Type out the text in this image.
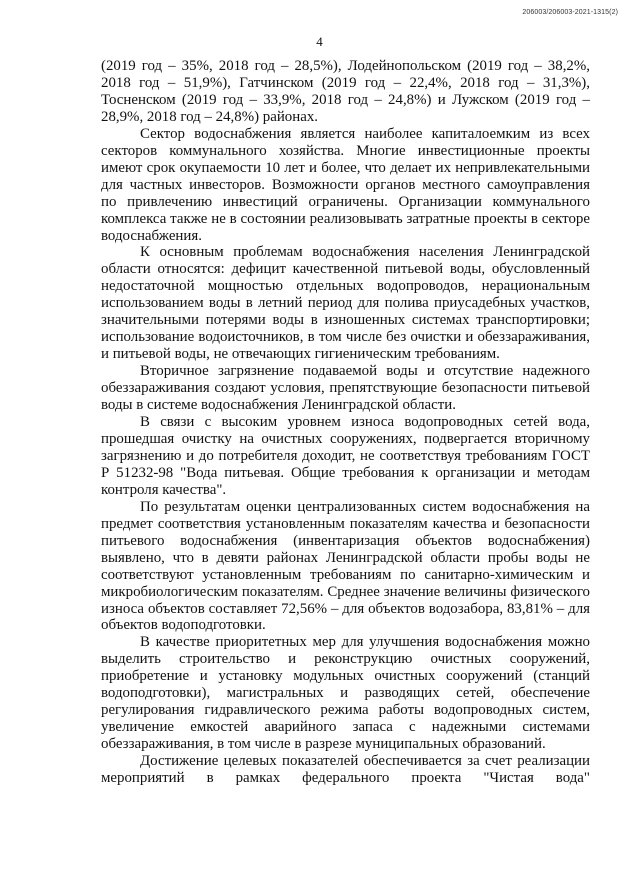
206003/206003-2021-1315(2)
4

(2019 год – 35%, 2018 год – 28,5%), Лодейнопольском (2019 год – 38,2%, 2018 год – 51,9%), Гатчинском (2019 год – 22,4%, 2018 год – 31,3%), Тосненском (2019 год – 33,9%, 2018 год – 24,8%) и Лужском (2019 год – 28,9%, 2018 год – 24,8%) районах.

Сектор водоснабжения является наиболее капиталоемким из всех секторов коммунального хозяйства. Многие инвестиционные проекты имеют срок окупаемости 10 лет и более, что делает их непривлекательными для частных инвесторов. Возможности органов местного самоуправления по привлечению инвестиций ограничены. Организации коммунального комплекса также не в состоянии реализовывать затратные проекты в секторе водоснабжения.

К основным проблемам водоснабжения населения Ленинградской области относятся: дефицит качественной питьевой воды, обусловленный недостаточной мощностью отдельных водопроводов, нерациональным использованием воды в летний период для полива приусадебных участков, значительными потерями воды в изношенных системах транспортировки; использование водоисточников, в том числе без очистки и обеззараживания, и питьевой воды, не отвечающих гигиеническим требованиям.

Вторичное загрязнение подаваемой воды и отсутствие надежного обеззараживания создают условия, препятствующие безопасности питьевой воды в системе водоснабжения Ленинградской области.

В связи с высоким уровнем износа водопроводных сетей вода, прошедшая очистку на очистных сооружениях, подвергается вторичному загрязнению и до потребителя доходит, не соответствуя требованиям ГОСТ Р 51232-98 "Вода питьевая. Общие требования к организации и методам контроля качества".

По результатам оценки централизованных систем водоснабжения на предмет соответствия установленным показателям качества и безопасности питьевого водоснабжения (инвентаризация объектов водоснабжения) выявлено, что в девяти районах Ленинградской области пробы воды не соответствуют установленным требованиям по санитарно-химическим и микробиологическим показателям. Среднее значение величины физического износа объектов составляет 72,56% – для объектов водозабора, 83,81% – для объектов водоподготовки.

В качестве приоритетных мер для улучшения водоснабжения можно выделить строительство и реконструкцию очистных сооружений, приобретение и установку модульных очистных сооружений (станций водоподготовки), магистральных и разводящих сетей, обеспечение регулирования гидравлического режима работы водопроводных систем, увеличение емкостей аварийного запаса с надежными системами обеззараживания, в том числе в разрезе муниципальных образований.

Достижение целевых показателей обеспечивается за счет реализации мероприятий в рамках федерального проекта "Чистая вода"
